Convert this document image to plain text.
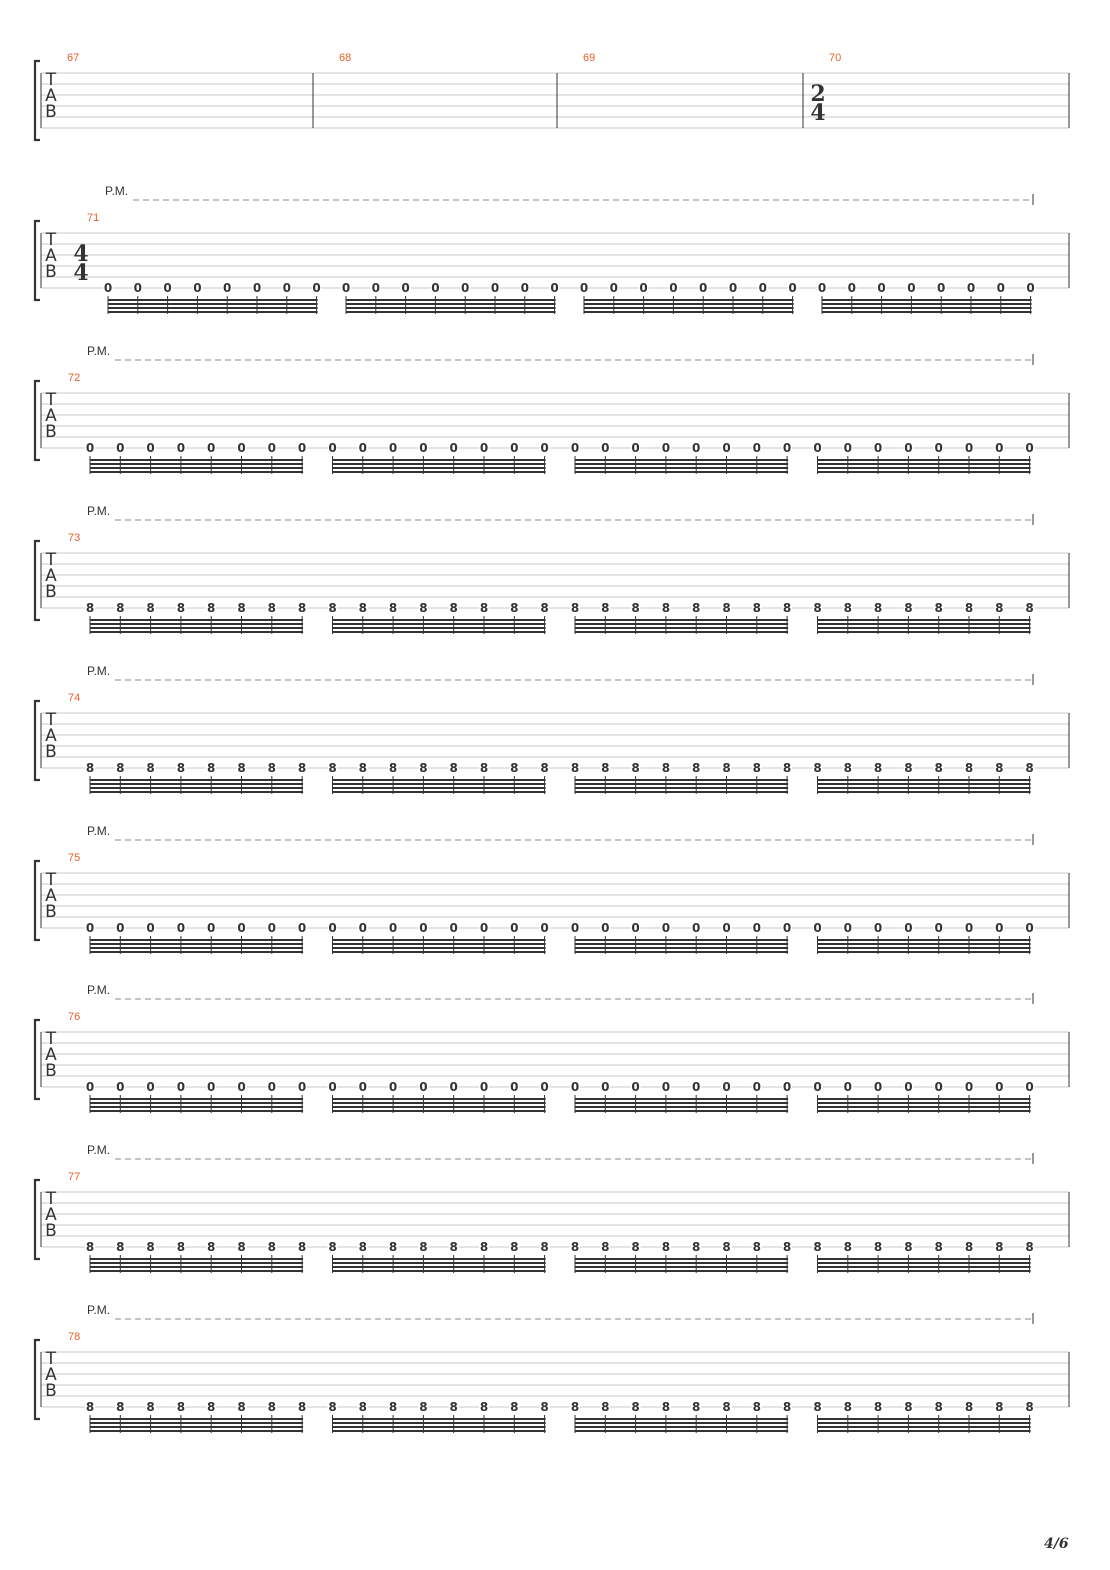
T
A
B
67	68	69	70
2
4
T
A
B
71
4
4
P.M.
0 0 0 0 0 0 0 0 0 0 0 0 0 0 0 0 0 0 0 0 0 0 0 0 0 0 0 0 0 0 0 0
T
A
B
72
P.M.
0 0 0 0 0 0 0 0 0 0 0 0 0 0 0 0 0 0 0 0 0 0 0 0 0 0 0 0 0 0 0 0
T
A
B
73
P.M.
8 8 8 8 8 8 8 8 8 8 8 8 8 8 8 8 8 8 8 8 8 8 8 8 8 8 8 8 8 8 8 8
T
A
B
74
P.M.
8 8 8 8 8 8 8 8 8 8 8 8 8 8 8 8 8 8 8 8 8 8 8 8 8 8 8 8 8 8 8 8
T
A
B
75
P.M.
0 0 0 0 0 0 0 0 0 0 0 0 0 0 0 0 0 0 0 0 0 0 0 0 0 0 0 0 0 0 0 0
T
A
B
76
P.M.
0 0 0 0 0 0 0 0 0 0 0 0 0 0 0 0 0 0 0 0 0 0 0 0 0 0 0 0 0 0 0 0
T
A
B
77
P.M.
8 8 8 8 8 8 8 8 8 8 8 8 8 8 8 8 8 8 8 8 8 8 8 8 8 8 8 8 8 8 8 8
T
A
B
78
P.M.
8 8 8 8 8 8 8 8 8 8 8 8 8 8 8 8 8 8 8 8 8 8 8 8 8 8 8 8 8 8 8 8
4/6
